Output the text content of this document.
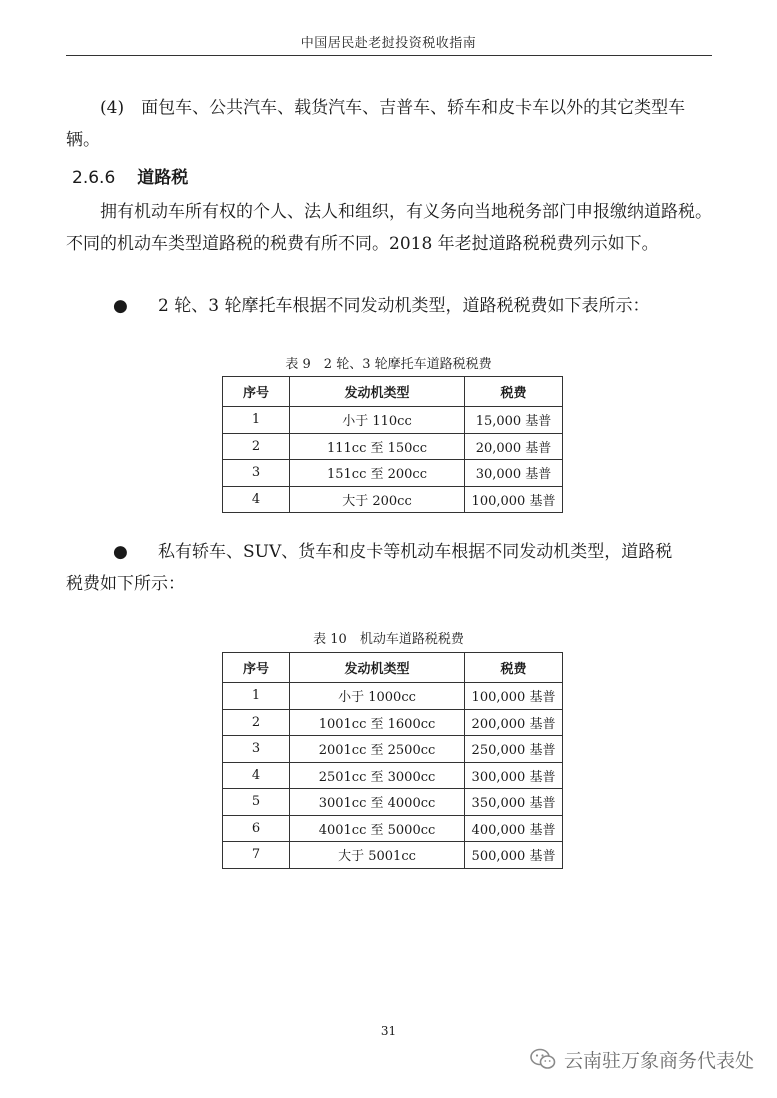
中国居民赴老挝投资税收指南

(4)　面包车、公共汽车、载货汽车、吉普车、轿车和皮卡车以外的其它类型车辆。

2.6.6 道路税

拥有机动车所有权的个人、法人和组织，有义务向当地税务部门申报缴纳道路税。不同的机动车类型道路税的税费有所不同。2018 年老挝道路税税费列示如下。

●	2 轮、3 轮摩托车根据不同发动机类型，道路税税费如下表所示：
表 9　2 轮、3 轮摩托车道路税税费
序号	发动机类型	税费
1	小于 110cc	15,000 基普
2	111cc 至 150cc	20,000 基普
3	151cc 至 200cc	30,000 基普
4	大于 200cc	100,000 基普
●	私有轿车、SUV、货车和皮卡等机动车根据不同发动机类型，道路税
税费如下所示：
表 10　机动车道路税税费
序号	发动机类型	税费
1	小于 1000cc	100,000 基普
2	1001cc 至 1600cc	200,000 基普
3	2001cc 至 2500cc	250,000 基普
4	2501cc 至 3000cc	300,000 基普
5	3001cc 至 4000cc	350,000 基普
6	4001cc 至 5000cc	400,000 基普
7	大于 5001cc	500,000 基普
31
云南驻万象商务代表处
